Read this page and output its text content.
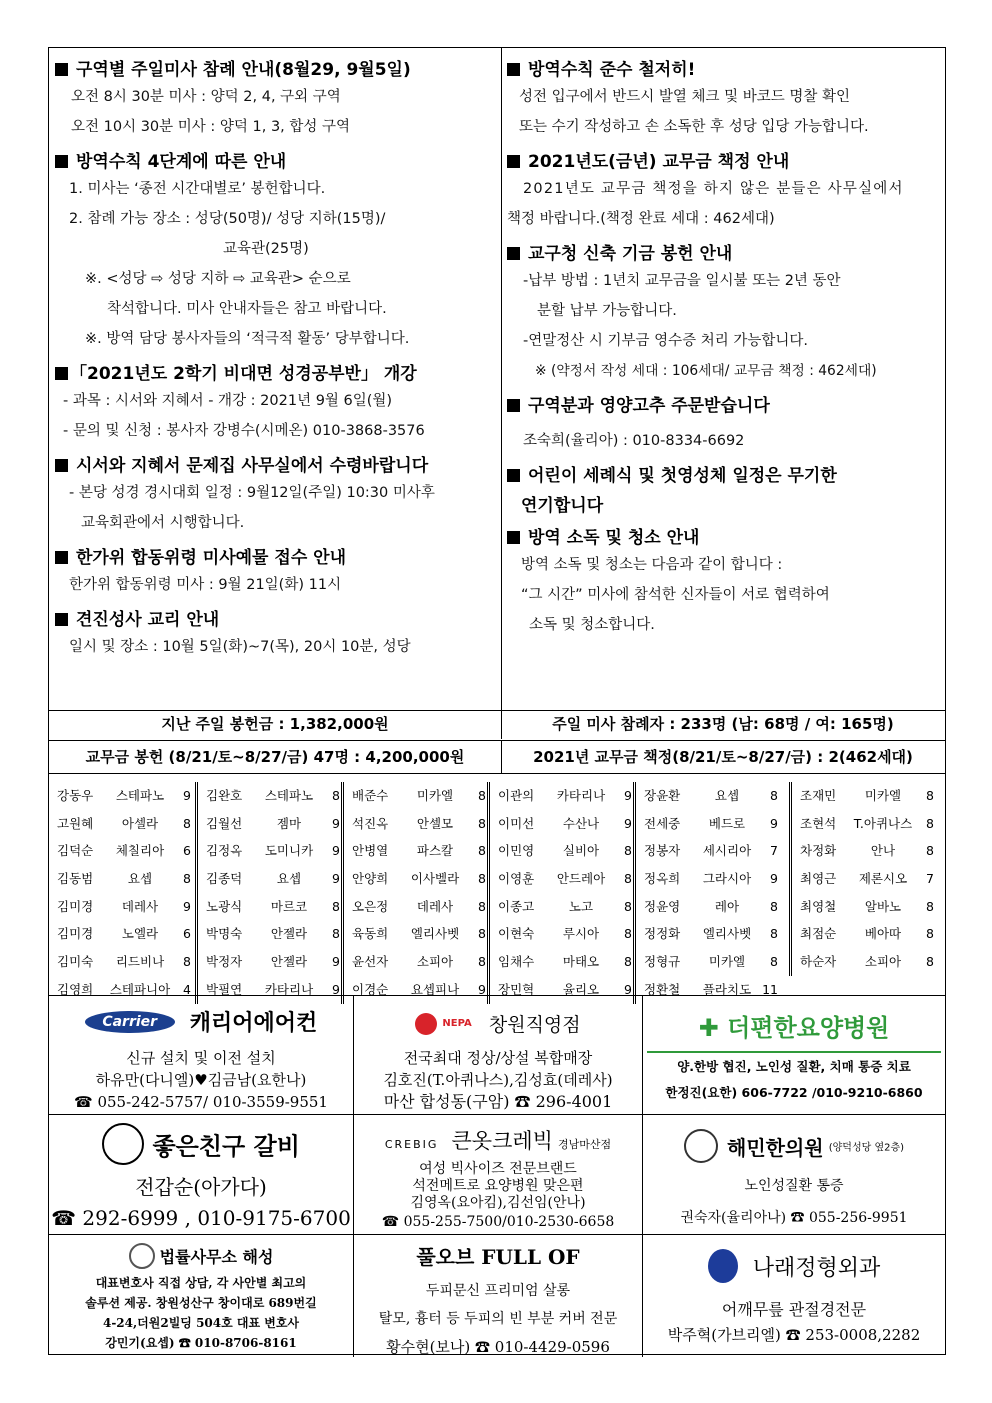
구역별 주일미사 참례 안내(8월29, 9월5일)
오전 8시 30분 미사 : 양덕 2, 4, 구외 구역
오전 10시 30분 미사 : 양덕 1, 3, 합성 구역
방역수칙 4단계에 따른 안내
1. 미사는 ‘종전 시간대별로’ 봉헌합니다.
2. 참례 가능 장소 : 성당(50명)/ 성당 지하(15명)/
교육관(25명)
※. <성당 ⇨ 성당 지하 ⇨ 교육관> 순으로
착석합니다. 미사 안내자들은 참고 바랍니다.
※. 방역 담당 봉사자들의 ‘적극적 활동’ 당부합니다.
「2021년도 2학기 비대면 성경공부반」 개강
- 과목 : 시서와 지혜서 - 개강 : 2021년 9월 6일(월)
- 문의 및 신청 : 봉사자 강병수(시메온) 010-3868-3576
시서와 지혜서 문제집 사무실에서 수령바랍니다
- 본당 성경 경시대회 일정 : 9월12일(주일) 10:30 미사후
교육회관에서 시행합니다.
한가위 합동위령 미사예물 접수 안내
한가위 합동위령 미사 : 9월 21일(화) 11시
견진성사 교리 안내
일시 및 장소 : 10월 5일(화)~7(목), 20시 10분, 성당
방역수칙 준수 철저히!
성전 입구에서 반드시 발열 체크 및 바코드 명찰 확인
또는 수기 작성하고 손 소독한 후 성당 입당 가능합니다.
2021년도(금년) 교무금 책정 안내
2021년도 교무금 책정을 하지 않은 분들은 사무실에서
책정 바랍니다.(책정 완료 세대 : 462세대)
교구청 신축 기금 봉헌 안내
-납부 방법 : 1년치 교무금을 일시불 또는 2년 동안
분할 납부 가능합니다.
-연말정산 시 기부금 영수증 처리 가능합니다.
※ (약정서 작성 세대 : 106세대/ 교무금 책정 : 462세대)
구역분과 영양고추 주문받습니다
조숙희(율리아) : 010-8334-6692
어린이 세례식 및 첫영성체 일정은 무기한
연기합니다
방역 소독 및 청소 안내
방역 소독 및 청소는 다음과 같이 합니다 :
“그 시간” 미사에 참석한 신자들이 서로 협력하여
소독 및 청소합니다.
지난 주일 봉헌금 : 1,382,000원	주일 미사 참례자 : 233명 (남: 68명 / 여: 165명)
교무금 봉헌 (8/21/토~8/27/금) 47명 : 4,200,000원	2021년 교무금 책정(8/21/토~8/27/금) : 2(462세대)
강동우	스테파노	9
고원혜	아셀라	8
김덕순	체칠리아	6
김동범	요셉	8
김미경	데레사	9
김미경	노엘라	6
김미숙	리드비나	8
김영희	스테파니아	4
김완호	스테파노	8
김월선	젬마	9
김정옥	도미니카	9
김종덕	요셉	9
노광식	마르코	8
박명숙	안젤라	8
박정자	안젤라	9
박필연	카타리나	9
배준수	미카엘	8
석진옥	안셀모	8
안병열	파스칼	8
안양희	이사벨라	8
오은정	데레사	8
육동희	엘리사벳	8
윤선자	소피아	8
이경순	요셉피나	9
이관의	카타리나	9
이미선	수산나	9
이민영	실비아	8
이영훈	안드레아	8
이종고	노고	8
이현숙	루시아	8
임채수	마태오	8
장민혁	율리오	9
장윤환	요셉	8
전세중	베드로	9
정봉자	세시리아	7
정옥희	그라시아	9
정윤영	레아	8
정정화	엘리사벳	8
정형규	미카엘	8
정환철	플라치도 11
조재민	미카엘	8
조현석	T.아퀴나스	8
차정화	안나	8
최영근	제론시오	7
최영철	알바노	8
최점순	베아따	8
하순자	소피아	8
Carrier 캐리어에어컨
신규 설치 및 이전 설치
하유만(다니엘)♥김금남(요한나)
☎ 055-242-5757/ 010-3559-9551
NEPA 창원직영점
전국최대 정상/상설 복합매장
김호진(T.아퀴나스),김성효(데레사)
마산 합성동(구암) ☎ 296-4001
✚ 더편한요양병원
양.한방 협진, 노인성 질환, 치매 통증 치료
한정진(요한) 606-7722 /010-9210-6860
좋은친구 갈비
전갑순(아가다)
☎ 292-6999 , 010-9175-6700
CREBIG 큰옷크레빅 경남마산점
여성 빅사이즈 전문브랜드
석전메트로 요양병원 맞은편
김영옥(요아킴),김선임(안나)
☎ 055-255-7500/010-2530-6658
해민한의원 (양덕성당 옆2층)
노인성질환 통증
권숙자(율리아나) ☎ 055-256-9951
법률사무소 해성
대표변호사 직접 상담, 각 사안별 최고의
솔루션 제공. 창원성산구 창이대로 689번길
4-24,더원2빌딩 504호 대표 변호사
강민기(요셉) ☎ 010-8706-8161
풀오브 FULL OF
두피문신 프리미엄 살롱
탈모, 흉터 등 두피의 빈 부분 커버 전문
황수현(보나) ☎ 010-4429-0596
나래정형외과
어깨무릎 관절경전문
박주혁(가브리엘) ☎ 253-0008,2282
